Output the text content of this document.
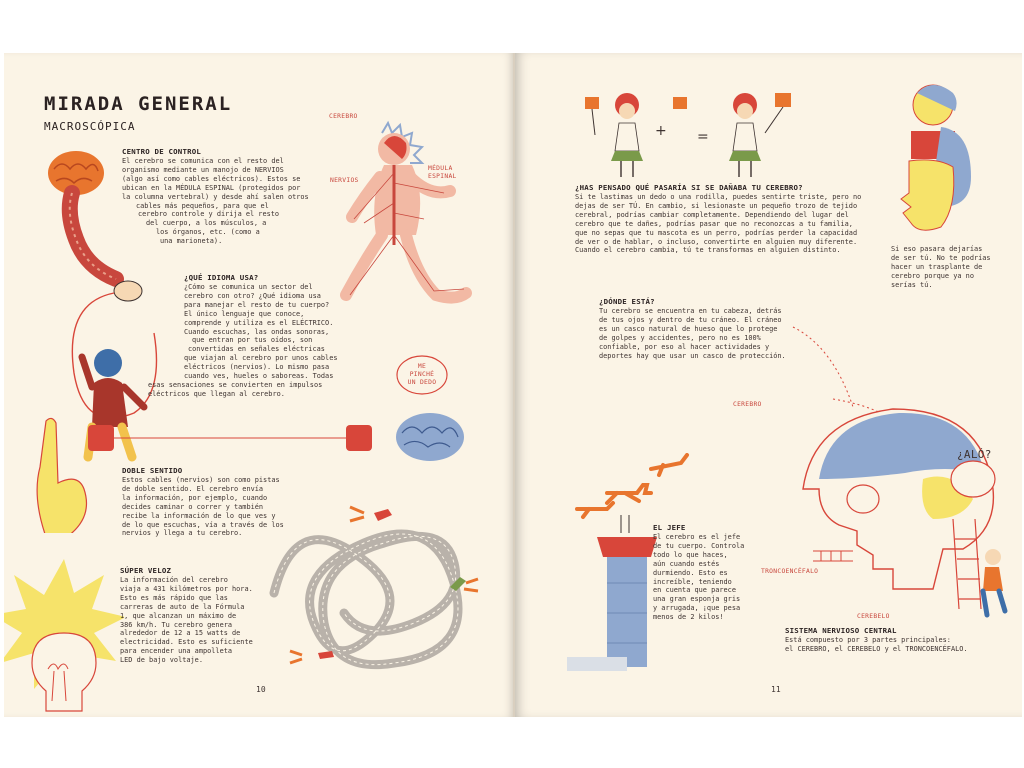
MIRADA GENERAL
MACROSCÓPICA
CENTRO DE CONTROL
El cerebro se comunica con el resto del
organismo mediante un manojo de NERVIOS
(algo así como cables eléctricos). Estos se
ubican en la MÉDULA ESPINAL (protegidos por
la columna vertebral) y desde ahí salen otros
cables más pequeños, para que el
cerebro controle y dirija el resto
del cuerpo, a los músculos, a
los órganos, etc. (como a
una marioneta).
¿QUÉ IDIOMA USA?
¿Cómo se comunica un sector del
cerebro con otro? ¿Qué idioma usa
para manejar el resto de tu cuerpo?
El único lenguaje que conoce,
comprende y utiliza es el ELÉCTRICO.
Cuando escuchas, las ondas sonoras,
que entran por tus oídos, son
convertidas en señales eléctricas
que viajan al cerebro por unos cables
eléctricos (nervios). Lo mismo pasa
cuando ves, hueles o saboreas. Todas
esas sensaciones se convierten en impulsos
eléctricos que llegan al cerebro.
CEREBRO
NERVIOS
MÉDULA
ESPINAL
ME
PINCHÉ
UN DEDO
DOBLE SENTIDO
Estos cables (nervios) son como pistas
de doble sentido. El cerebro envía
la información, por ejemplo, cuando
decides caminar o correr y también
recibe la información de lo que ves y
de lo que escuchas, vía a través de los
nervios y llega a tu cerebro.
SÚPER VELOZ
La información del cerebro
viaja a 431 kilómetros por hora.
Esto es más rápido que las
carreras de auto de la Fórmula
1, que alcanzan un máximo de
386 km/h. Tu cerebro genera
alrededor de 12 a 15 watts de
electricidad. Esto es suficiente
para encender una ampolleta
LED de bajo voltaje.
10
+ =
¿HAS PENSADO QUÉ PASARÍA SI SE DAÑABA TU CEREBRO?
Si te lastimas un dedo o una rodilla, puedes sentirte triste, pero no
dejas de ser TÚ. En cambio, si lesionaste un pequeño trozo de tejido
cerebral, podrías cambiar completamente. Dependiendo del lugar del
cerebro que te dañes, podrías pasar que no reconozcas a tu familia,
que no sepas que tu mascota es un perro, podrías perder la capacidad
de ver o de hablar, o incluso, convertirte en alguien muy diferente.
Cuando el cerebro cambia, tú te transformas en alguien distinto.	Si eso pasara dejarías
de ser tú. No te podrías
hacer un trasplante de
cerebro porque ya no
serías tú.
¿DÓNDE ESTÁ?
Tu cerebro se encuentra en tu cabeza, detrás
de tus ojos y dentro de tu cráneo. El cráneo
es un casco natural de hueso que lo protege
de golpes y accidentes, pero no es 100%
confiable, por eso al hacer actividades y
deportes hay que usar un casco de protección.
CEREBRO
¿ALÓ?
TRONCOENCÉFALO
CEREBELO
EL JEFE
El cerebro es el jefe
de tu cuerpo. Controla
todo lo que haces,
aún cuando estés
durmiendo. Esto es
increíble, teniendo
en cuenta que parece
una gran esponja gris
y arrugada, ¡que pesa
menos de 2 kilos!
SISTEMA NERVIOSO CENTRAL
Está compuesto por 3 partes principales:
el CEREBRO, el CEREBELO y el TRONCOENCÉFALO.
11
